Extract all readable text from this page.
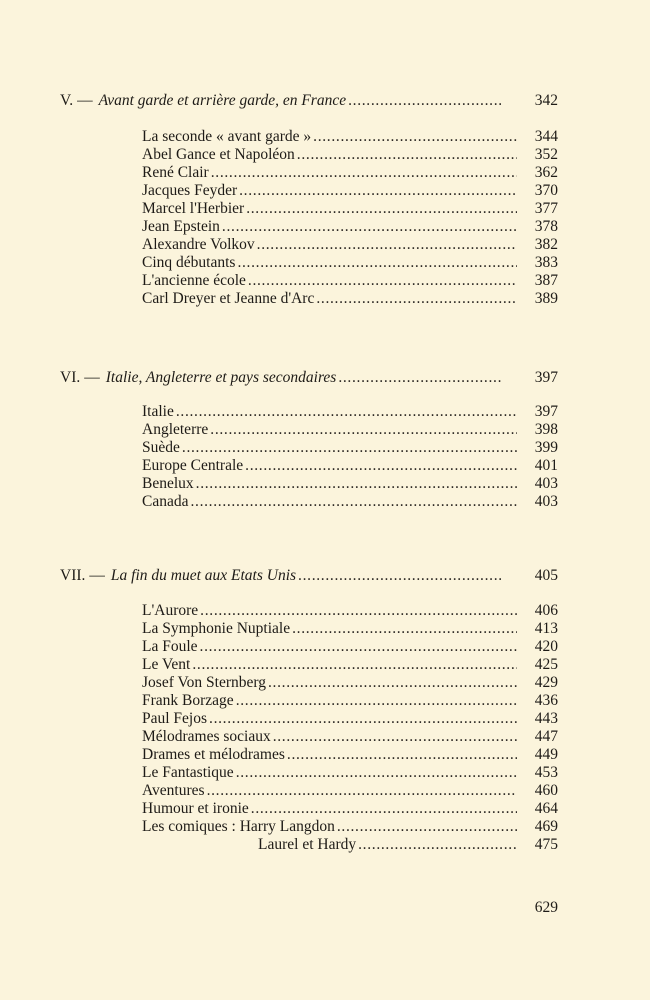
V. — Avant garde et arrière garde, en France . . .	342
La seconde « avant garde » . . .	344
Abel Gance et Napoléon . . .	352
René Clair . . .	362
Jacques Feyder . . .	370
Marcel l'Herbier . . .	377
Jean Epstein . . .	378
Alexandre Volkov . . .	382
Cinq débutants . . .	383
L'ancienne école . . .	387
Carl Dreyer et Jeanne d'Arc . . .	389
VI. — Italie, Angleterre et pays secondaires . . .	397
Italie . . .	397
Angleterre . . .	398
Suède . . .	399
Europe Centrale . . .	401
Benelux . . .	403
Canada . . .	403
VII. — La fin du muet aux Etats Unis . . .	405
L'Aurore . . .	406
La Symphonie Nuptiale . . .	413
La Foule . . .	420
Le Vent . . .	425
Josef Von Sternberg . . .	429
Frank Borzage . . .	436
Paul Fejos . . .	443
Mélodrames sociaux . . .	447
Drames et mélodrames . . .	449
Le Fantastique . . .	453
Aventures . . .	460
Humour et ironie . . .	464
Les comiques : Harry Langdon . . .	469
Laurel et Hardy . . .	475
629
